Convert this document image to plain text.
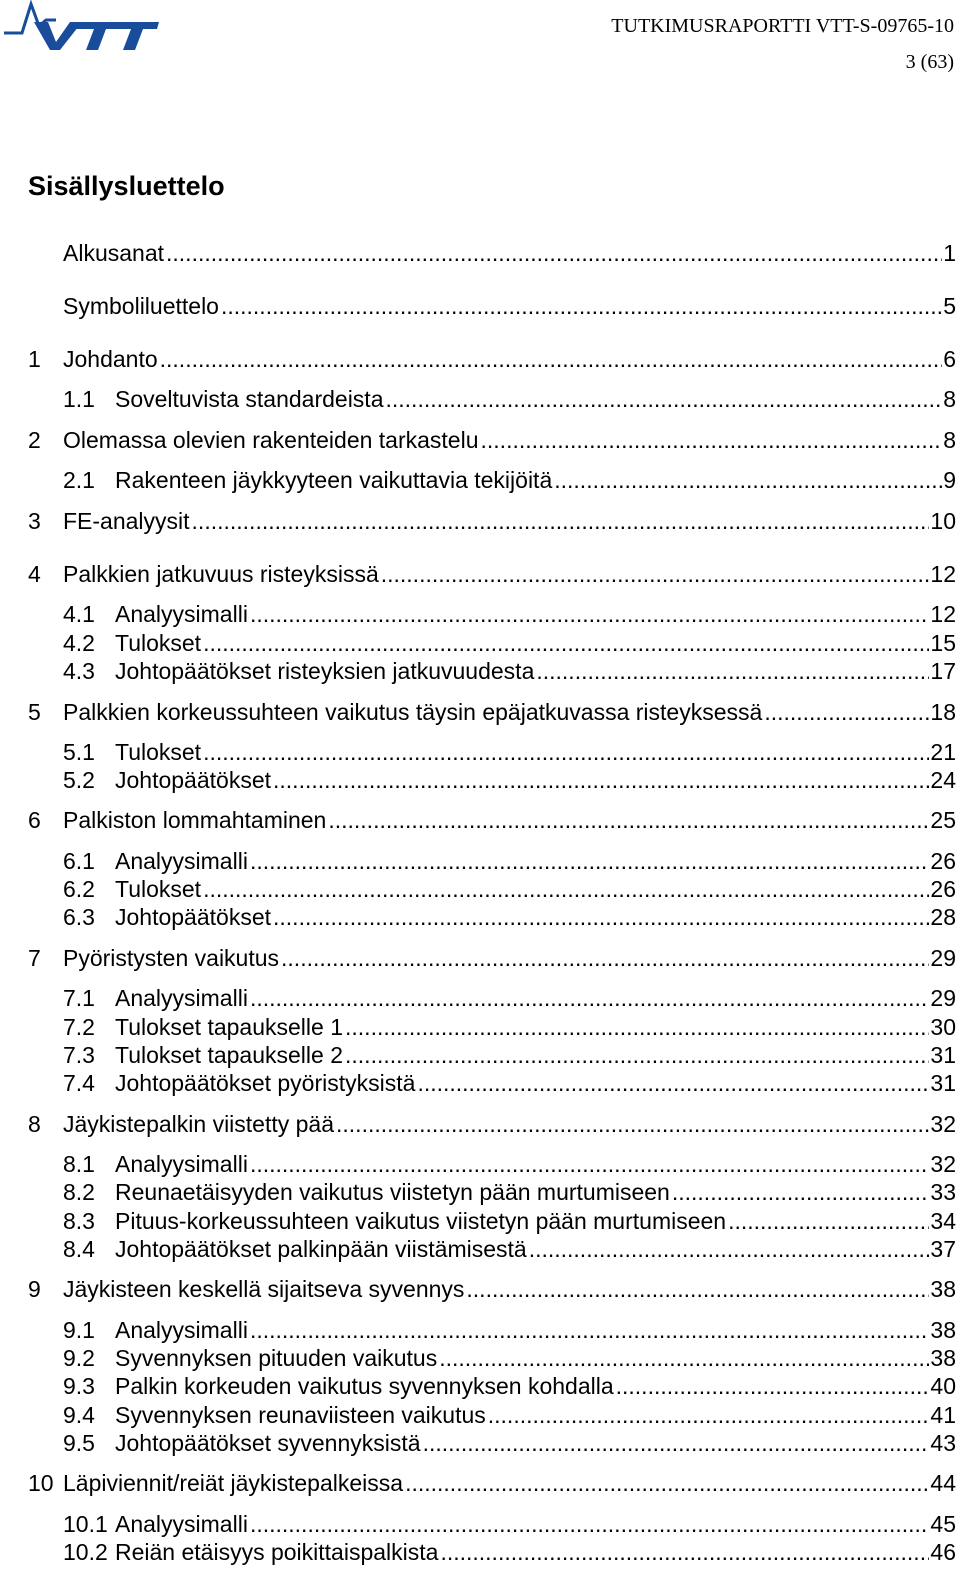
TUTKIMUSRAPORTTI VTT-S-09765-10
3 (63)
Sisällysluettelo
Alkusanat .....	1
Symboliluettelo .....	5
1 Johdanto .....	6
1.1 Soveltuvista standardeista .....	8
2 Olemassa olevien rakenteiden tarkastelu .....	8
2.1 Rakenteen jäykkyyteen vaikuttavia tekijöitä .....	9
3 FE-analyysit .....	10
4 Palkkien jatkuvuus risteyksissä .....	12
4.1 Analyysimalli .....	12
4.2 Tulokset .....	15
4.3 Johtopäätökset risteyksien jatkuvuudesta .....	17
5 Palkkien korkeussuhteen vaikutus täysin epäjatkuvassa risteyksessä .....	18
5.1 Tulokset .....	21
5.2 Johtopäätökset .....	24
6 Palkiston lommahtaminen .....	25
6.1 Analyysimalli .....	26
6.2 Tulokset .....	26
6.3 Johtopäätökset .....	28
7 Pyöristysten vaikutus .....	29
7.1 Analyysimalli .....	29
7.2 Tulokset tapaukselle 1 .....	30
7.3 Tulokset tapaukselle 2 .....	31
7.4 Johtopäätökset pyöristyksistä .....	31
8 Jäykistepalkin viistetty pää .....	32
8.1 Analyysimalli .....	32
8.2 Reunaetäisyyden vaikutus viistetyn pään murtumiseen .....	33
8.3 Pituus-korkeussuhteen vaikutus viistetyn pään murtumiseen .....	34
8.4 Johtopäätökset palkinpään viistämisestä .....	37
9 Jäykisteen keskellä sijaitseva syvennys .....	38
9.1 Analyysimalli .....	38
9.2 Syvennyksen pituuden vaikutus .....	38
9.3 Palkin korkeuden vaikutus syvennyksen kohdalla .....	40
9.4 Syvennyksen reunaviisteen vaikutus .....	41
9.5 Johtopäätökset syvennyksistä .....	43
10 Läpiviennit/reiät jäykistepalkeissa .....	44
10.1 Analyysimalli .....	45
10.2 Reiän etäisyys poikittaispalkista .....	46
